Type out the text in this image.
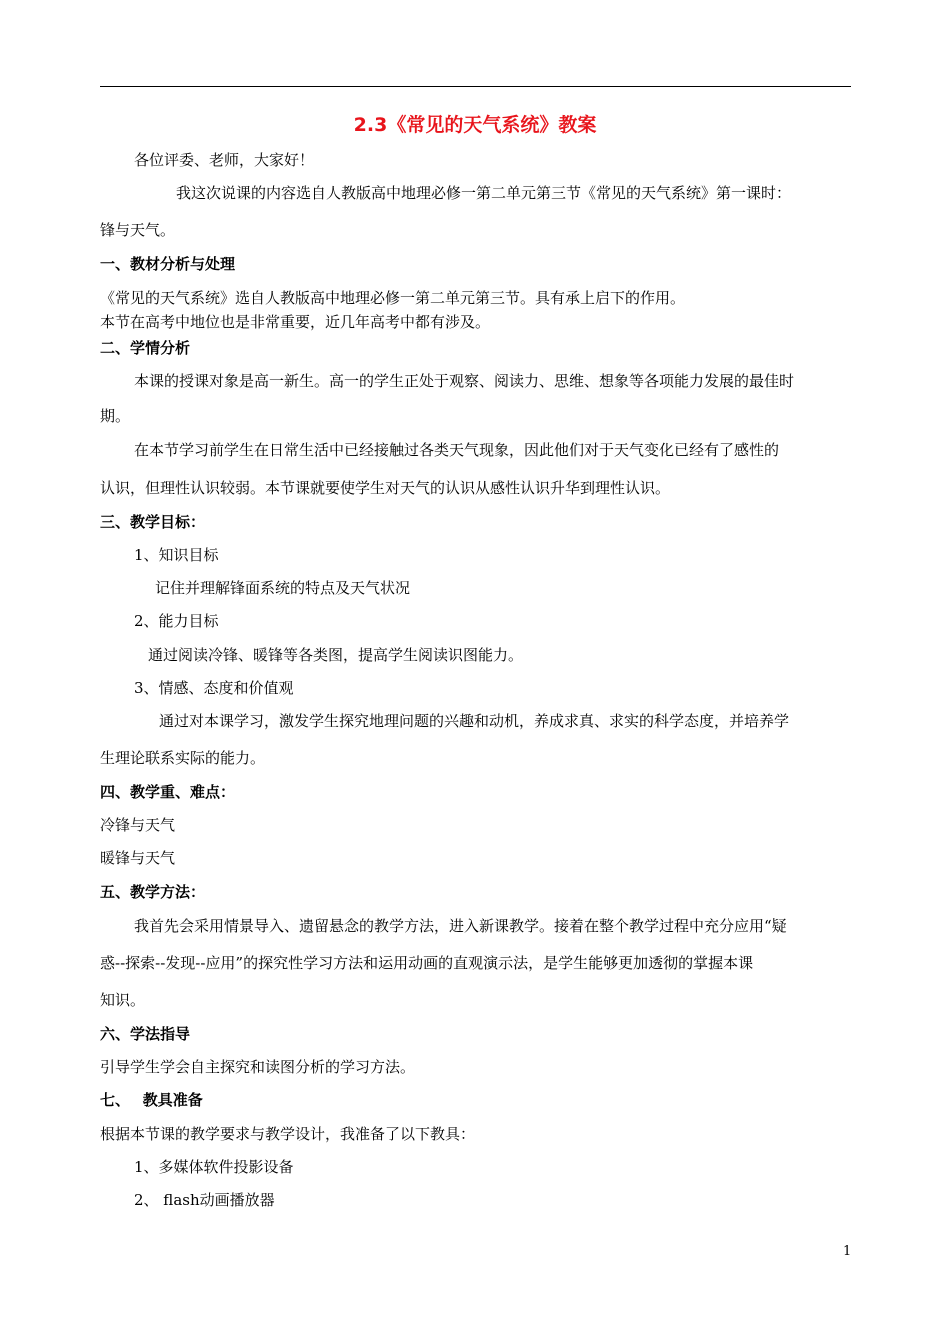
2.3《常见的天气系统》教案
各位评委、老师，大家好！
我这次说课的内容选自人教版高中地理必修一第二单元第三节《常见的天气系统》第一课时：
锋与天气。
一、教材分析与处理
《常见的天气系统》选自人教版高中地理必修一第二单元第三节。具有承上启下的作用。
本节在高考中地位也是非常重要，近几年高考中都有涉及。
二、学情分析
本课的授课对象是高一新生。高一的学生正处于观察、阅读力、思维、想象等各项能力发展的最佳时
期。
在本节学习前学生在日常生活中已经接触过各类天气现象，因此他们对于天气变化已经有了感性的
认识，但理性认识较弱。本节课就要使学生对天气的认识从感性认识升华到理性认识。
三、教学目标：
1、知识目标
记住并理解锋面系统的特点及天气状况
2、能力目标
通过阅读冷锋、暖锋等各类图，提高学生阅读识图能力。
3、情感、态度和价值观
通过对本课学习，激发学生探究地理问题的兴趣和动机，养成求真、求实的科学态度，并培养学
生理论联系实际的能力。
四、教学重、难点：
冷锋与天气
暖锋与天气
五、教学方法：
我首先会采用情景导入、遗留悬念的教学方法，进入新课教学。接着在整个教学过程中充分应用“疑
惑--探索--发现--应用”的探究性学习方法和运用动画的直观演示法，是学生能够更加透彻的掌握本课
知识。
六、学法指导
引导学生学会自主探究和读图分析的学习方法。
七、　 教具准备
根据本节课的教学要求与教学设计，我准备了以下教具：
1、多媒体软件投影设备
2、 flash动画播放器
1
